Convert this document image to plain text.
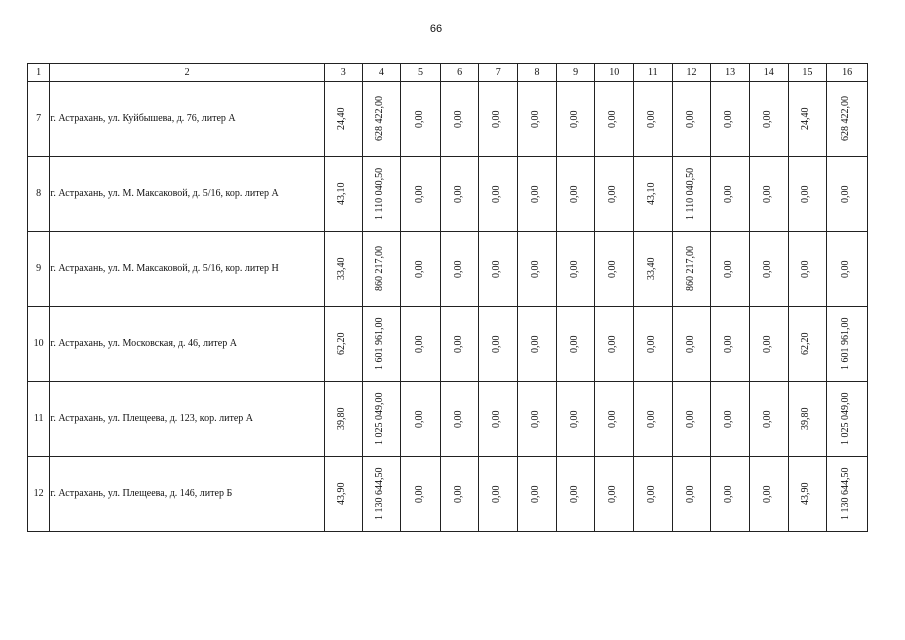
66
1	2	3	4	5	6	7	8	9	10	11	12	13	14	15	16
7	г. Астрахань, ул. Куйбышева, д. 76, литер А	24,40	628 422,00	0,00	0,00	0,00	0,00	0,00	0,00	0,00	0,00	0,00	0,00	24,40	628 422,00

8	г. Астрахань, ул. М. Максаковой, д. 5/16, кор. литер А	43,10	1 110 040,50	0,00	0,00	0,00	0,00	0,00	0,00	43,10	1 110 040,50	0,00	0,00	0,00	0,00

9	г. Астрахань, ул. М. Максаковой, д. 5/16, кор. литер Н	33,40	860 217,00	0,00	0,00	0,00	0,00	0,00	0,00	33,40	860 217,00	0,00	0,00	0,00	0,00

10	г. Астрахань, ул. Московская, д. 46, литер А	62,20	1 601 961,00	0,00	0,00	0,00	0,00	0,00	0,00	0,00	0,00	0,00	0,00	62,20	1 601 961,00

11	г. Астрахань, ул. Плещеева, д. 123, кор. литер А	39,80	1 025 049,00	0,00	0,00	0,00	0,00	0,00	0,00	0,00	0,00	0,00	0,00	39,80	1 025 049,00

12	г. Астрахань, ул. Плещеева, д. 146, литер Б	43,90	1 130 644,50	0,00	0,00	0,00	0,00	0,00	0,00	0,00	0,00	0,00	0,00	43,90	1 130 644,50
